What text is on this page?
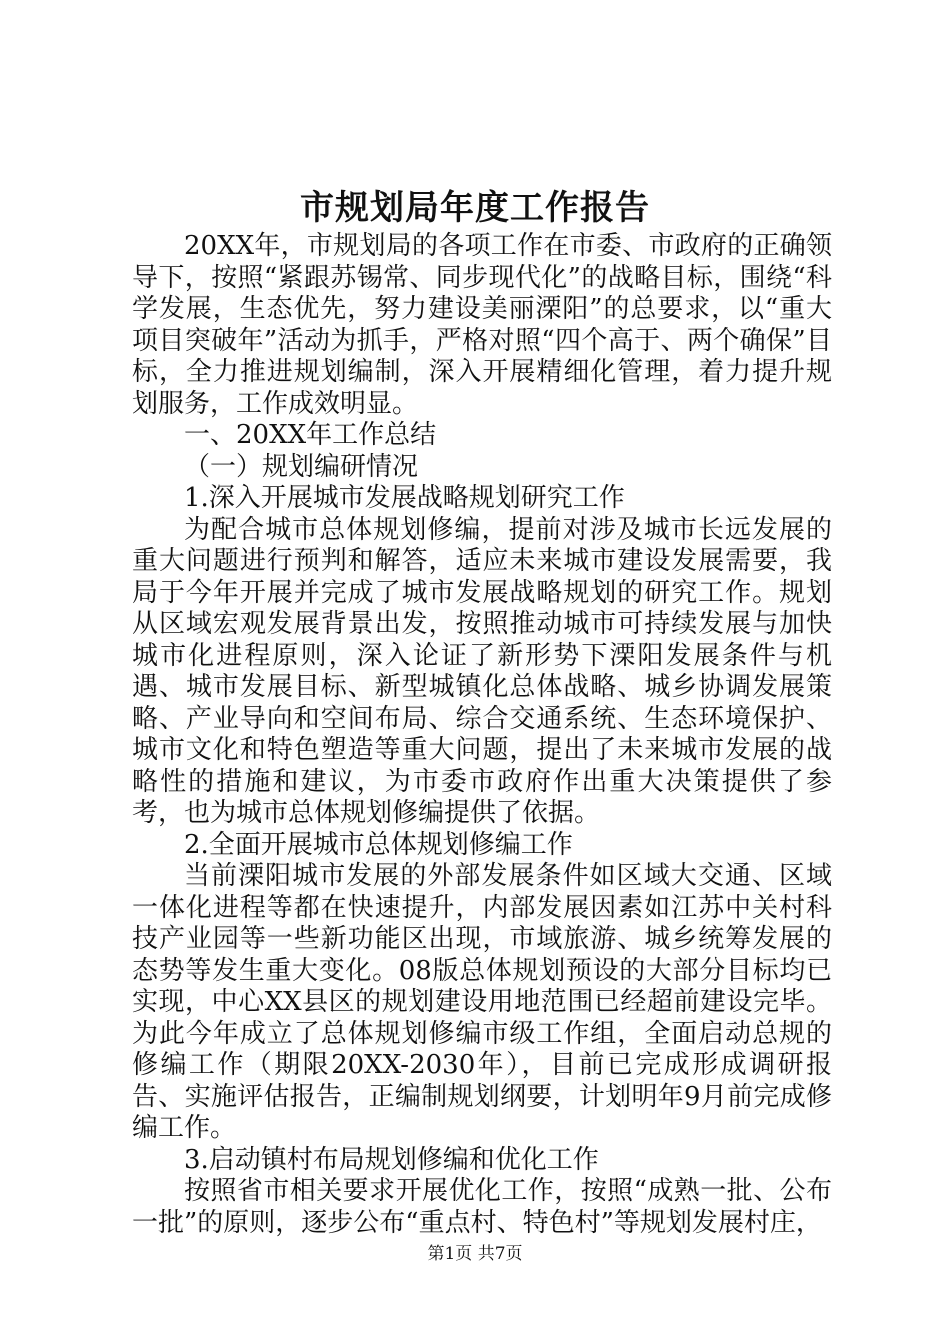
市规划局年度工作报告

20XX年，市规划局的各项工作在市委、市政府的正确领导下，按照“紧跟苏锡常、同步现代化”的战略目标，围绕“科学发展，生态优先，努力建设美丽溧阳”的总要求，以“重大项目突破年”活动为抓手，严格对照“四个高于、两个确保”目标，全力推进规划编制，深入开展精细化管理，着力提升规划服务，工作成效明显。

一、20XX年工作总结

（一）规划编研情况

1.深入开展城市发展战略规划研究工作

为配合城市总体规划修编，提前对涉及城市长远发展的重大问题进行预判和解答，适应未来城市建设发展需要，我局于今年开展并完成了城市发展战略规划的研究工作。规划从区域宏观发展背景出发，按照推动城市可持续发展与加快城市化进程原则，深入论证了新形势下溧阳发展条件与机遇、城市发展目标、新型城镇化总体战略、城乡协调发展策略、产业导向和空间布局、综合交通系统、生态环境保护、城市文化和特色塑造等重大问题，提出了未来城市发展的战略性的措施和建议，为市委市政府作出重大决策提供了参考，也为城市总体规划修编提供了依据。

2.全面开展城市总体规划修编工作

当前溧阳城市发展的外部发展条件如区域大交通、区域一体化进程等都在快速提升，内部发展因素如江苏中关村科技产业园等一些新功能区出现，市域旅游、城乡统筹发展的态势等发生重大变化。08版总体规划预设的大部分目标均已实现，中心XX县区的规划建设用地范围已经超前建设完毕。为此今年成立了总体规划修编市级工作组，全面启动总规的修编工作（期限20XX-2030年），目前已完成形成调研报告、实施评估报告，正编制规划纲要，计划明年9月前完成修编工作。

3.启动镇村布局规划修编和优化工作

按照省市相关要求开展优化工作，按照“成熟一批、公布一批”的原则，逐步公布“重点村、特色村”等规划发展村庄，

第1页 共7页
